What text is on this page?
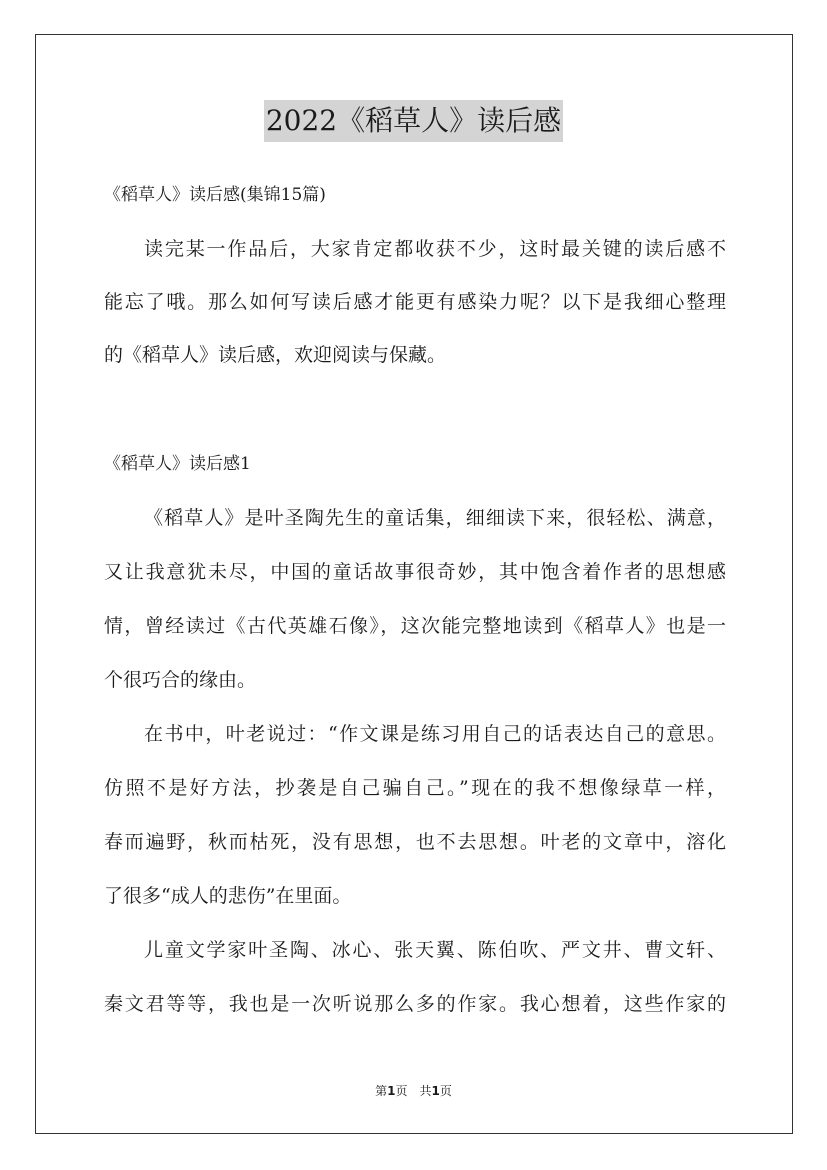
2022《稻草人》读后感
《稻草人》读后感(集锦15篇)
读完某一作品后，大家肯定都收获不少，这时最关键的读后感不
能忘了哦。那么如何写读后感才能更有感染力呢？以下是我细心整理
的《稻草人》读后感，欢迎阅读与保藏。
《稻草人》读后感1
《稻草人》是叶圣陶先生的童话集，细细读下来，很轻松、满意，
又让我意犹未尽，中国的童话故事很奇妙，其中饱含着作者的思想感
情，曾经读过《古代英雄石像》，这次能完整地读到《稻草人》也是一
个很巧合的缘由。
在书中，叶老说过：“作文课是练习用自己的话表达自己的意思。
仿照不是好方法，抄袭是自己骗自己。”现在的我不想像绿草一样，
春而遍野，秋而枯死，没有思想，也不去思想。叶老的文章中，溶化
了很多“成人的悲伤”在里面。
儿童文学家叶圣陶、冰心、张天翼、陈伯吹、严文井、曹文轩、
秦文君等等，我也是一次听说那么多的作家。我心想着，这些作家的
第1页　共1页
